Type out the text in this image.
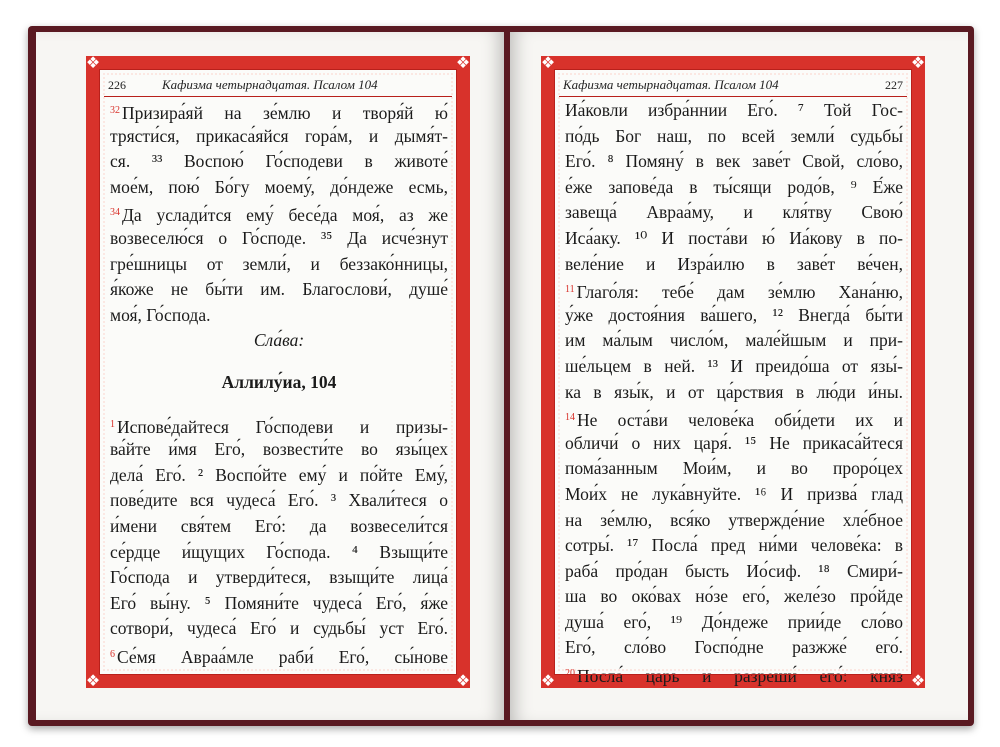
❖	❖
❖	❖
226	Кафизма четырнадцатая. Псалом 104
$^{32}$ Призира́яй на зе́млю и творя́й ю́
трясти́ся, прикаса́яйся гора́м, и дымя́т-
ся. ³³ Воспою́ Го́сподеви в животе́
мое́м, пою́ Бо́гу моему́, до́ндеже есмь,
$^{34}$ Да услади́тся ему́ бесе́да моя́, аз же
возвеселю́ся о Го́споде. ³⁵ Да исче́знут
гре́шницы от земли́, и беззако́нницы,
я́коже не бы́ти им. Благослови́, душе́
моя́, Го́спода.
Сла́ва:
Аллилу́иа, 104
$^1$ Испове́дайтеся Го́сподеви и призы-
ва́йте и́мя Его́, возвести́те во язы́цех
дела́ Его́. ² Воспо́йте ему́ и по́йте Ему́,
пове́дите вся чудеса́ Его́. ³ Хвали́теся о
и́мени свя́тем Его́: да возвесели́тся
се́рдце и́щущих Го́спода. ⁴ Взыщи́те
Го́спода и утверди́теся, взыщи́те лица́
Его́ вы́ну. ⁵ Помяни́те чудеса́ Его́, я́же
сотвори́, чудеса́ Его́ и судьбы́ уст Его́.
$^6$ Се́мя Авраа́мле раби́ Его́, сы́нове
❖	❖
❖	❖
Кафизма четырнадцатая. Псалом 104	227
Иа́ковли избра́ннии Его́. ⁷ Той Гос-
по́дь Бог наш, по всей земли́ судьбы́
Его́. ⁸ Помяну́ в век заве́т Свой, сло́во,
е́же запове́да в ты́сящи родо́в, ⁹ Е́же
завеща́ Авраа́му, и кля́тву Свою́
Иса́аку. ¹⁰ И поста́ви ю́ Иа́кову в по-
веле́ние и Изра́илю в заве́т ве́чен,
$^{11}$ Глаго́ля: тебе́ дам зе́млю Хана́ню,
у́же достоя́ния ва́шего, ¹² Внегда́ бы́ти
им ма́лым число́м, мале́йшым и при-
ше́льцем в ней. ¹³ И преидо́ша от язы́-
ка в язы́к, и от ца́рствия в лю́ди и́ны.
$^{14}$ Не оста́ви челове́ка оби́дети их и
обличи́ о них царя́. ¹⁵ Не прикаса́йтеся
пома́занным Мои́м, и во проро́цех
Мои́х не лука́внуйте. ¹⁶ И призва́ глад
на зе́млю, вся́ко утвержде́ние хле́бное
сотры́. ¹⁷ Посла́ пред ни́ми челове́ка: в
раба́ про́дан бысть Ио́сиф. ¹⁸ Смири́-
ша во око́вах но́зе его́, желе́зо про́йде
душа́ его́, ¹⁹ До́ндеже прии́де сло́во
Его́, сло́во Госпо́дне разжже́ его́.
$^{20}$ Посла́ царь и разреши́ его́: княз
